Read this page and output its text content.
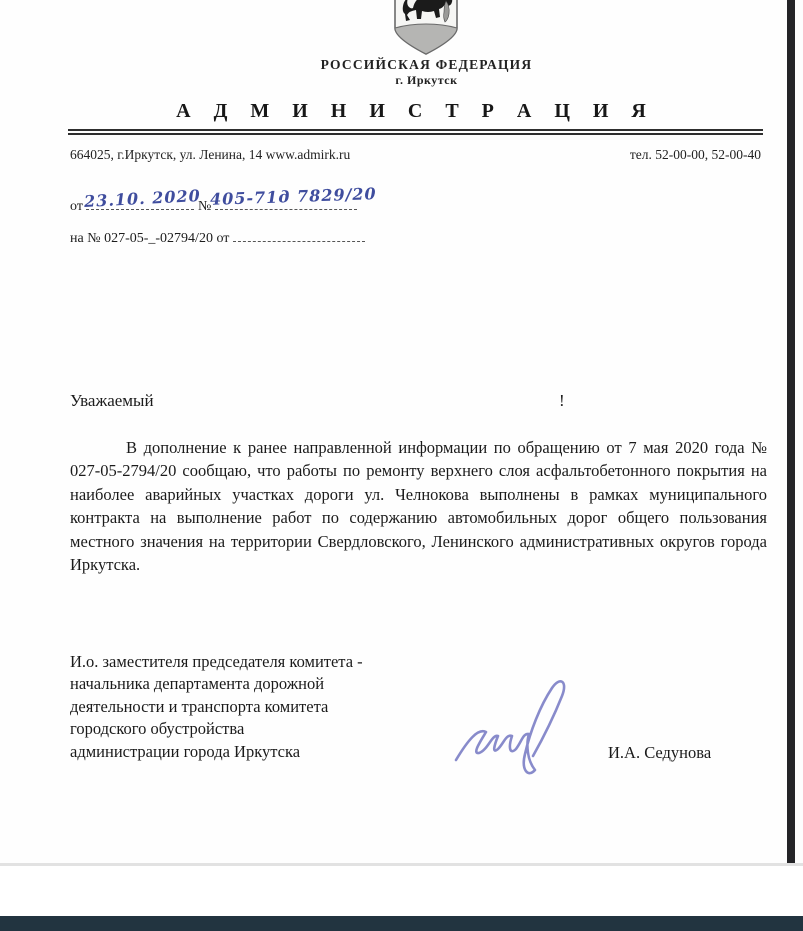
РОССИЙСКАЯ ФЕДЕРАЦИЯ
г. Иркутск
А Д М И Н И С Т Р А Ц И Я
664025, г.Иркутск, ул. Ленина, 14 www.admirk.ru	тел. 52-00-00, 52-00-40
от	№
23.10. 2020 405-71д 7829/20
на № 027-05-_-02794/20 от
Уважаемый	!

В дополнение к ранее направленной информации по обращению от 7 мая 2020 года № 027-05-2794/20 сообщаю, что работы по ремонту верхнего слоя асфальтобетонного покрытия на наиболее аварийных участках дороги ул. Челнокова выполнены в рамках муниципального контракта на выполнение работ по содержанию автомобильных дорог общего пользования местного значения на территории Свердловского, Ленинского административных округов города Иркутска.

И.о. заместителя председателя комитета -
начальника департамента дорожной
деятельности и транспорта комитета
городского обустройства
администрации города Иркутска	И.А. Седунова
